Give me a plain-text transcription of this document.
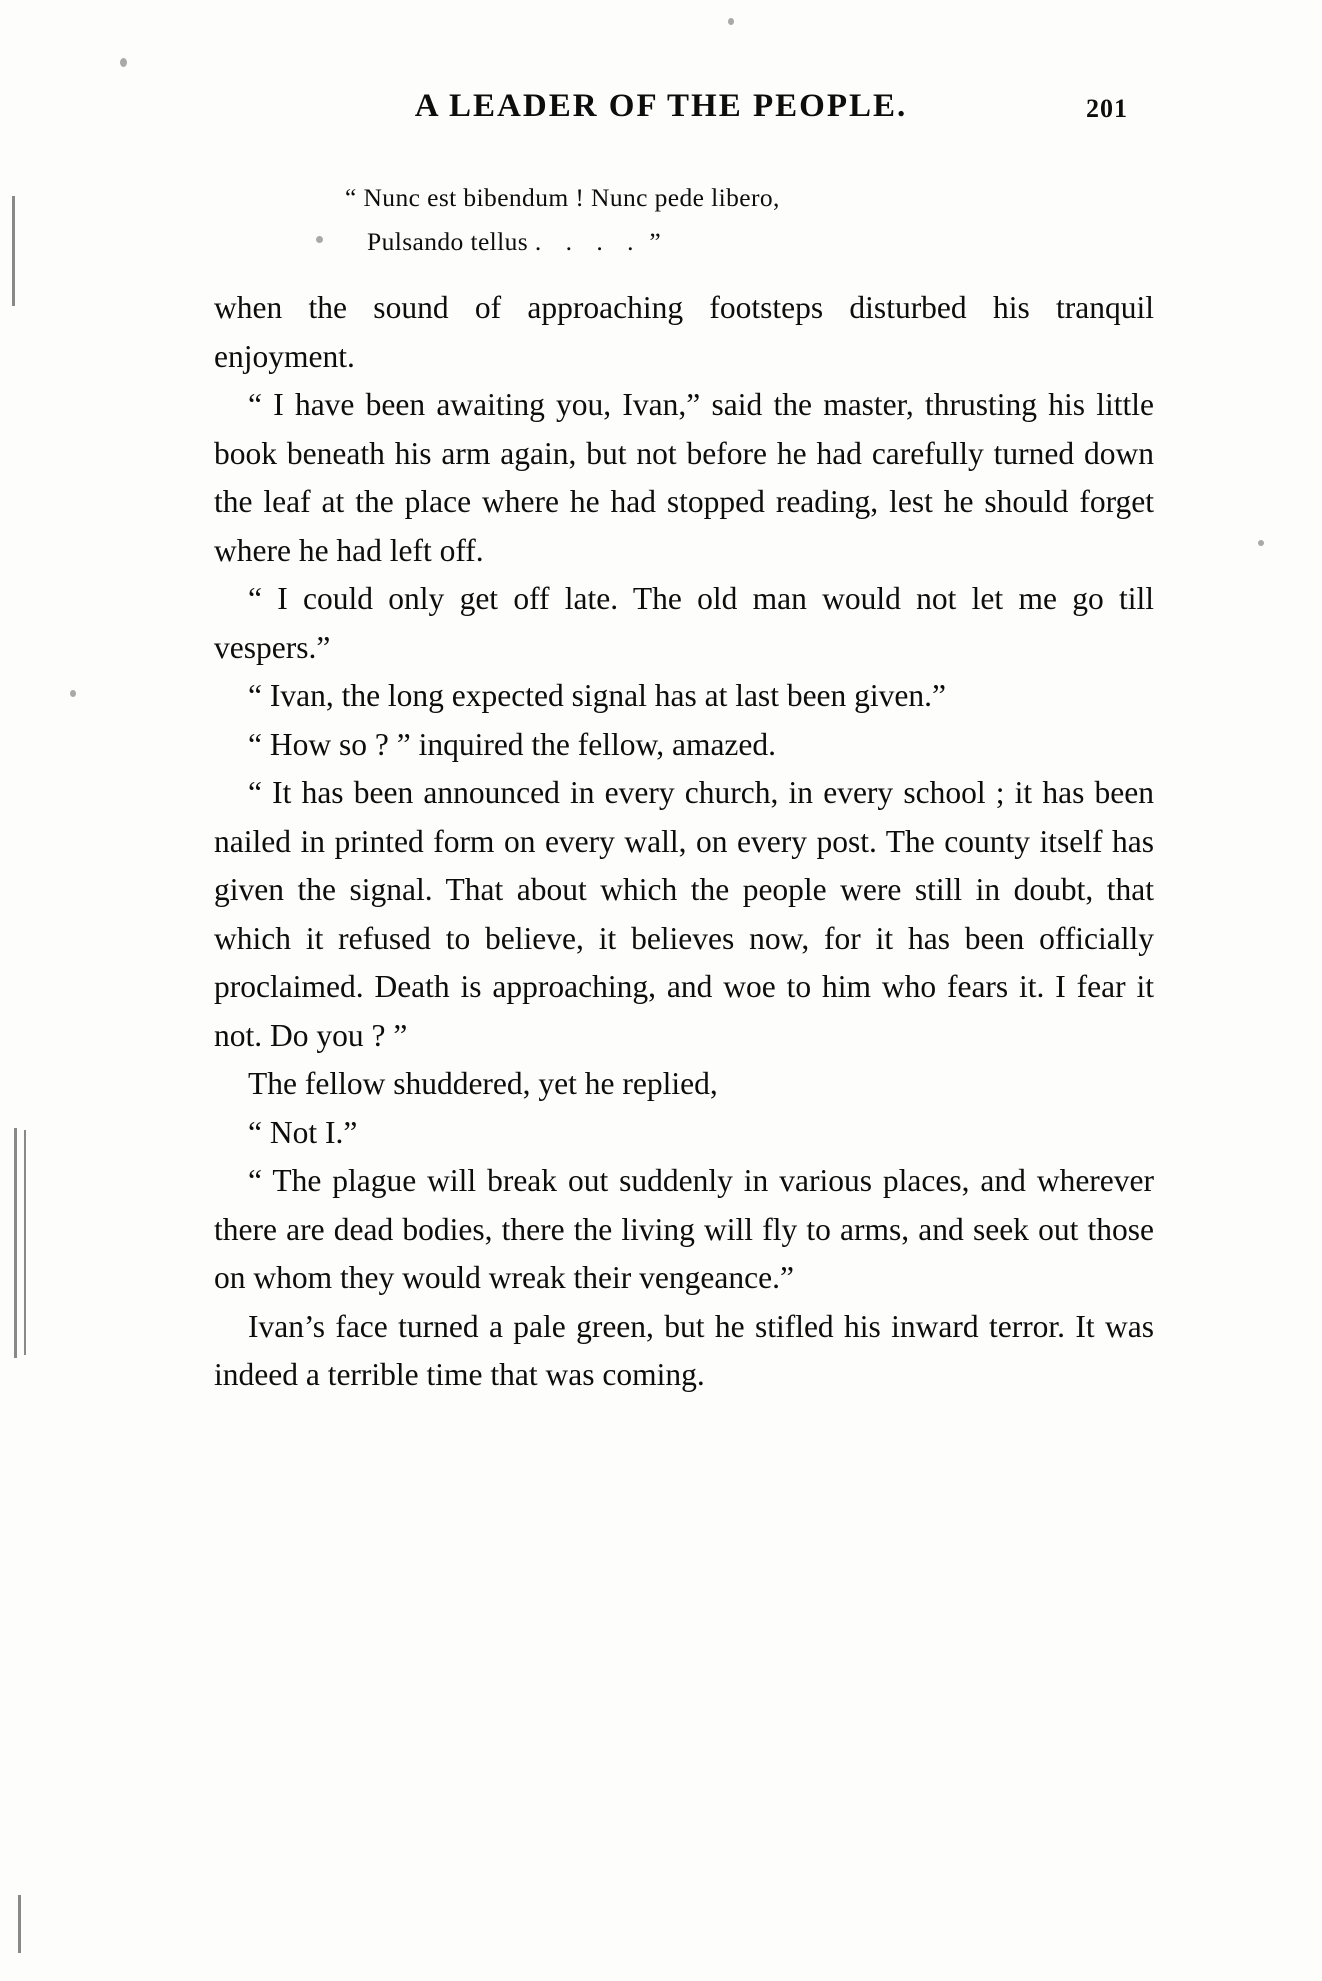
A LEADER OF THE PEOPLE.	201
“ Nunc est bibendum ! Nunc pede libero,
Pulsando tellus . . . . ”

when the sound of approaching footsteps disturbed his tranquil enjoyment.

“ I have been awaiting you, Ivan,” said the master, thrusting his little book beneath his arm again, but not before he had carefully turned down the leaf at the place where he had stopped reading, lest he should forget where he had left off.

“ I could only get off late. The old man would not let me go till vespers.”

“ Ivan, the long expected signal has at last been given.”

“ How so ? ” inquired the fellow, amazed.

“ It has been announced in every church, in every school ; it has been nailed in printed form on every wall, on every post. The county itself has given the signal. That about which the people were still in doubt, that which it refused to believe, it believes now, for it has been officially proclaimed. Death is approaching, and woe to him who fears it. I fear it not. Do you ? ”

The fellow shuddered, yet he replied,

“ Not I.”

“ The plague will break out suddenly in various places, and wherever there are dead bodies, there the living will fly to arms, and seek out those on whom they would wreak their vengeance.”

Ivan’s face turned a pale green, but he stifled his inward terror. It was indeed a terrible time that was coming.
